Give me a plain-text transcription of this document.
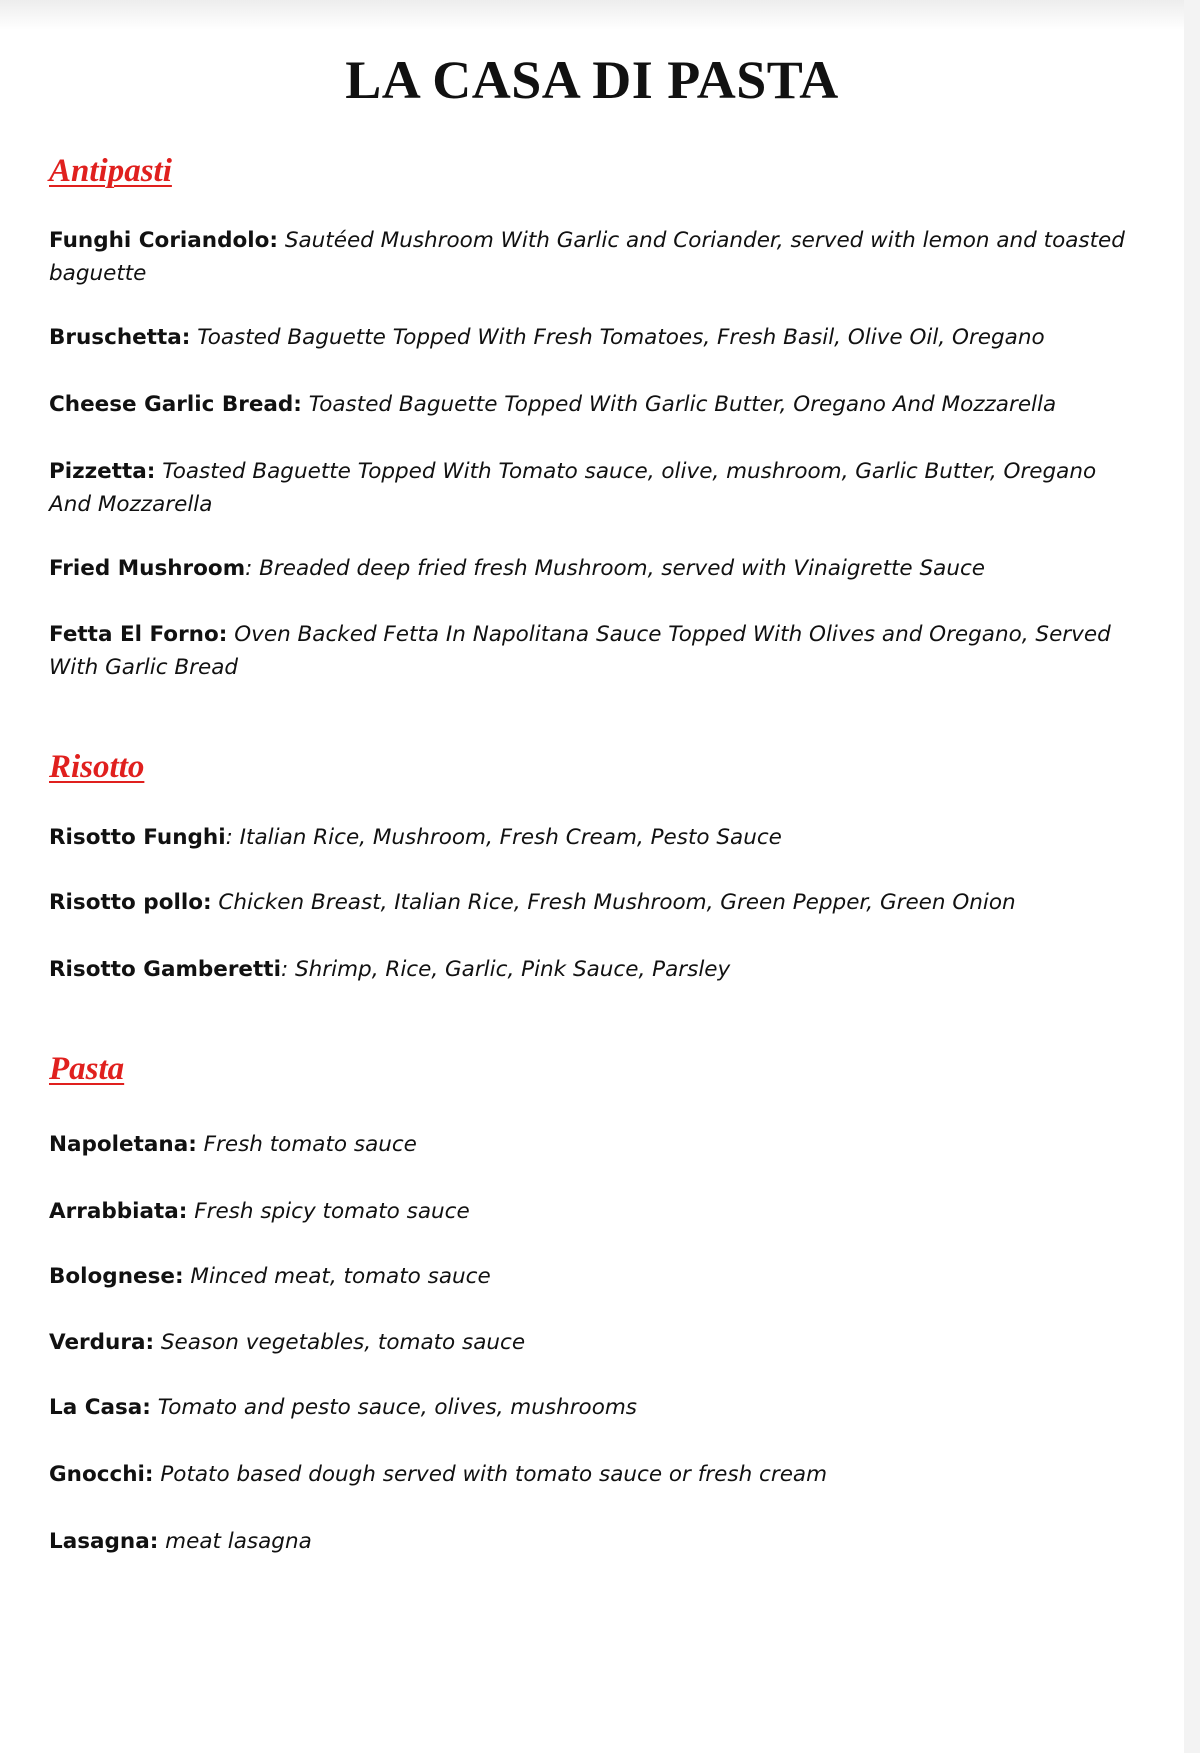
LA CASA DI PASTA
Antipasti

Funghi Coriandolo: Sautéed Mushroom With Garlic and Coriander, served with lemon and toasted baguette

Bruschetta: Toasted Baguette Topped With Fresh Tomatoes, Fresh Basil, Olive Oil, Oregano

Cheese Garlic Bread: Toasted Baguette Topped With Garlic Butter, Oregano And Mozzarella

Pizzetta: Toasted Baguette Topped With Tomato sauce, olive, mushroom, Garlic Butter, Oregano And Mozzarella

Fried Mushroom: Breaded deep fried fresh Mushroom, served with Vinaigrette Sauce

Fetta El Forno: Oven Backed Fetta In Napolitana Sauce Topped With Olives and Oregano, Served With Garlic Bread

Risotto

Risotto Funghi: Italian Rice, Mushroom, Fresh Cream, Pesto Sauce

Risotto pollo: Chicken Breast, Italian Rice, Fresh Mushroom, Green Pepper, Green Onion

Risotto Gamberetti: Shrimp, Rice, Garlic, Pink Sauce, Parsley

Pasta

Napoletana: Fresh tomato sauce

Arrabbiata: Fresh spicy tomato sauce

Bolognese: Minced meat, tomato sauce

Verdura: Season vegetables, tomato sauce

La Casa: Tomato and pesto sauce, olives, mushrooms

Gnocchi: Potato based dough served with tomato sauce or fresh cream

Lasagna: meat lasagna
